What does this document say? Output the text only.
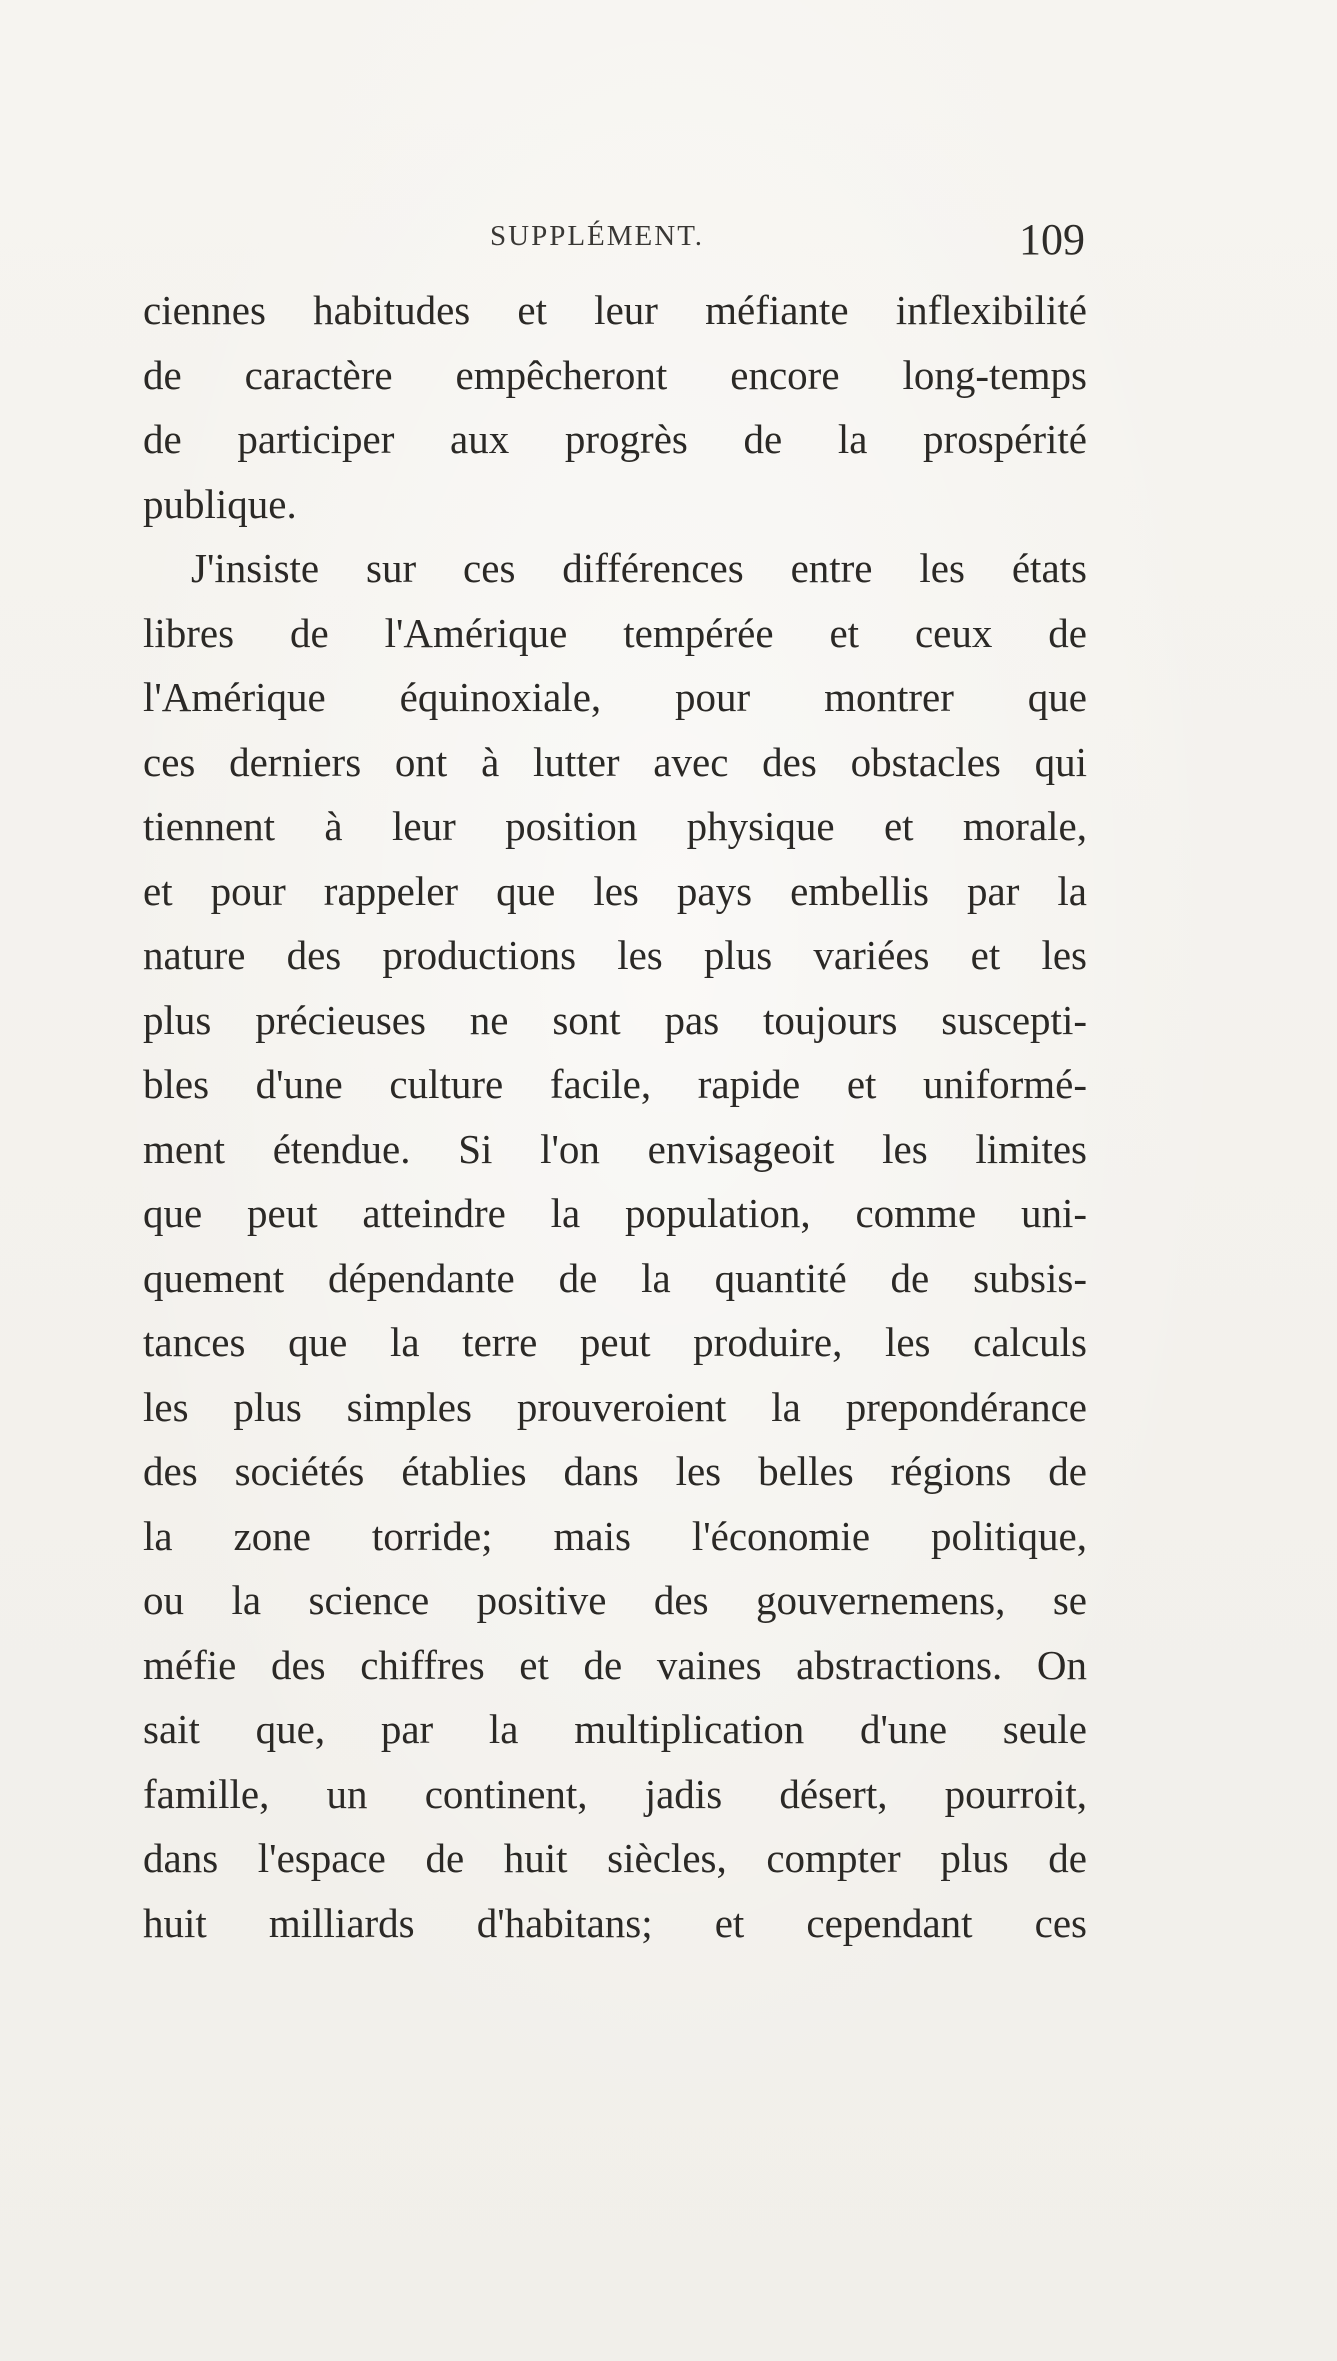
SUPPLÉMENT.	109
ciennes habitudes et leur méfiante inflexibilité
de caractère empêcheront encore long-temps
de participer aux progrès de la prospérité
publique.
J'insiste sur ces différences entre les états
libres de l'Amérique tempérée et ceux de
l'Amérique équinoxiale, pour montrer que
ces derniers ont à lutter avec des obstacles qui
tiennent à leur position physique et morale,
et pour rappeler que les pays embellis par la
nature des productions les plus variées et les
plus précieuses ne sont pas toujours suscepti-
bles d'une culture facile, rapide et uniformé-
ment étendue. Si l'on envisageoit les limites
que peut atteindre la population, comme uni-
quement dépendante de la quantité de subsis-
tances que la terre peut produire, les calculs
les plus simples prouveroient la prepondérance
des sociétés établies dans les belles régions de
la zone torride; mais l'économie politique,
ou la science positive des gouvernemens, se
méfie des chiffres et de vaines abstractions. On
sait que, par la multiplication d'une seule
famille, un continent, jadis désert, pourroit,
dans l'espace de huit siècles, compter plus de
huit milliards d'habitans; et cependant ces
